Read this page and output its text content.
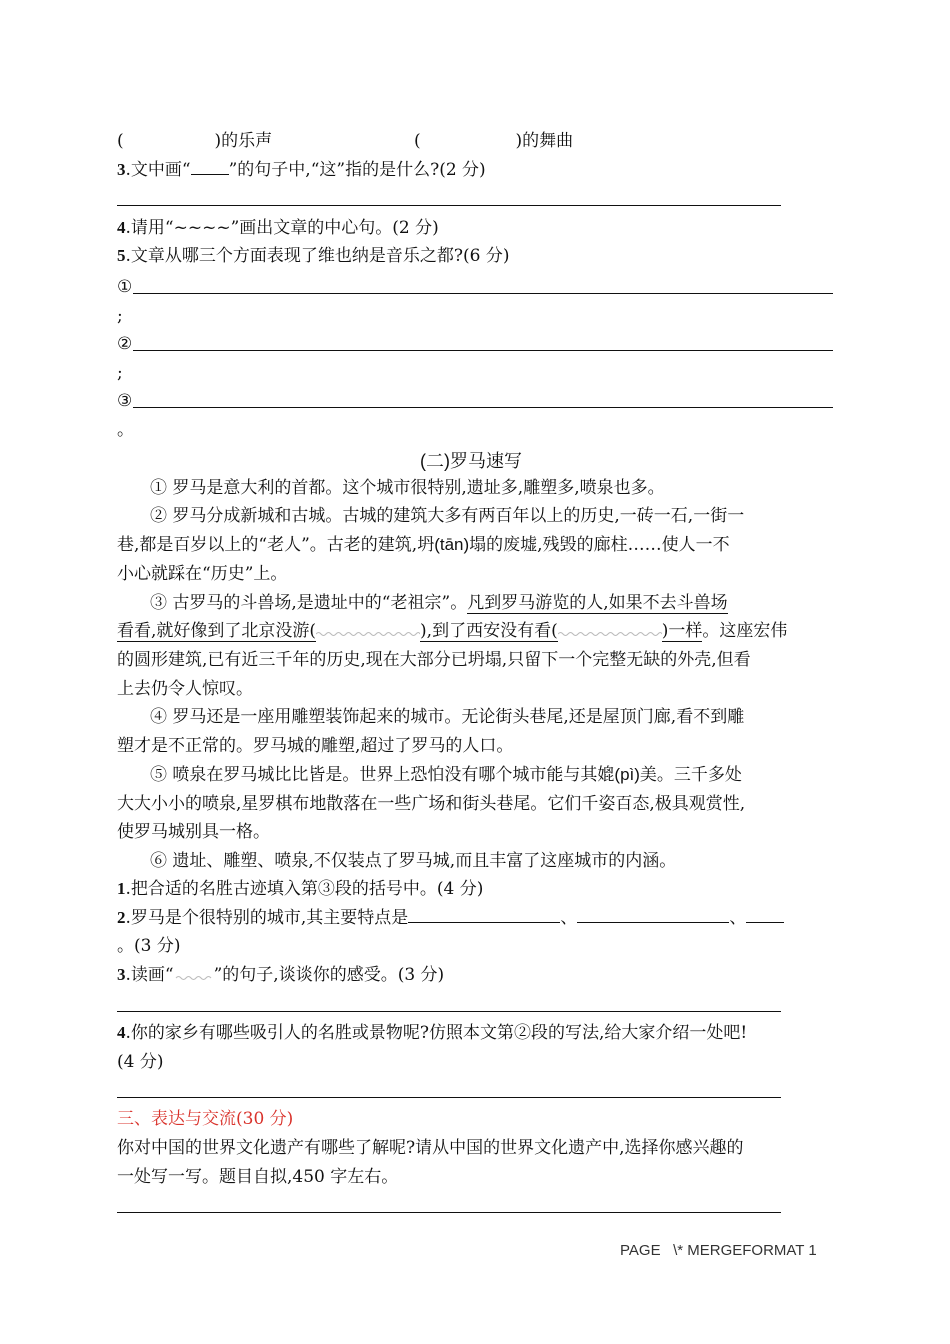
(	)的乐声	(	)的舞曲
3.文中画“ ”的句子中,“这”指的是什么?(2 分)
4.请用“~~~~”画出文章的中心句。(2 分)
5.文章从哪三个方面表现了维也纳是音乐之都?(6 分)
①
;
②
;
③
。
(二)罗马速写
① 罗马是意大利的首都。这个城市很特别,遗址多,雕塑多,喷泉也多。
② 罗马分成新城和古城。古城的建筑大多有两百年以上的历史,一砖一石,一街一
巷,都是百岁以上的“老人”。古老的建筑,坍(tān)塌的废墟,残毁的廊柱……使人一不
小心就踩在“历史”上。
③ 古罗马的斗兽场,是遗址中的“老祖宗”。凡到罗马游览的人,如果不去斗兽场
看看,就好像到了北京没游(	),到了西安没有看(	)一样。这座宏伟
的圆形建筑,已有近三千年的历史,现在大部分已坍塌,只留下一个完整无缺的外壳,但看
上去仍令人惊叹。
④ 罗马还是一座用雕塑装饰起来的城市。无论街头巷尾,还是屋顶门廊,看不到雕
塑才是不正常的。罗马城的雕塑,超过了罗马的人口。
⑤ 喷泉在罗马城比比皆是。世界上恐怕没有哪个城市能与其媲(pì)美。三千多处
大大小小的喷泉,星罗棋布地散落在一些广场和街头巷尾。它们千姿百态,极具观赏性,
使罗马城别具一格。
⑥ 遗址、雕塑、喷泉,不仅装点了罗马城,而且丰富了这座城市的内涵。
1.把合适的名胜古迹填入第③段的括号中。(4 分)
2.罗马是个很特别的城市,其主要特点是	、	、
。(3 分)
3.读画“ ”的句子,谈谈你的感受。(3 分)
4.你的家乡有哪些吸引人的名胜或景物呢?仿照本文第②段的写法,给大家介绍一处吧!
(4 分)
三、表达与交流(30 分)
你对中国的世界文化遗产有哪些了解呢?请从中国的世界文化遗产中,选择你感兴趣的
一处写一写。题目自拟,450 字左右。
PAGE   \* MERGEFORMAT 1
